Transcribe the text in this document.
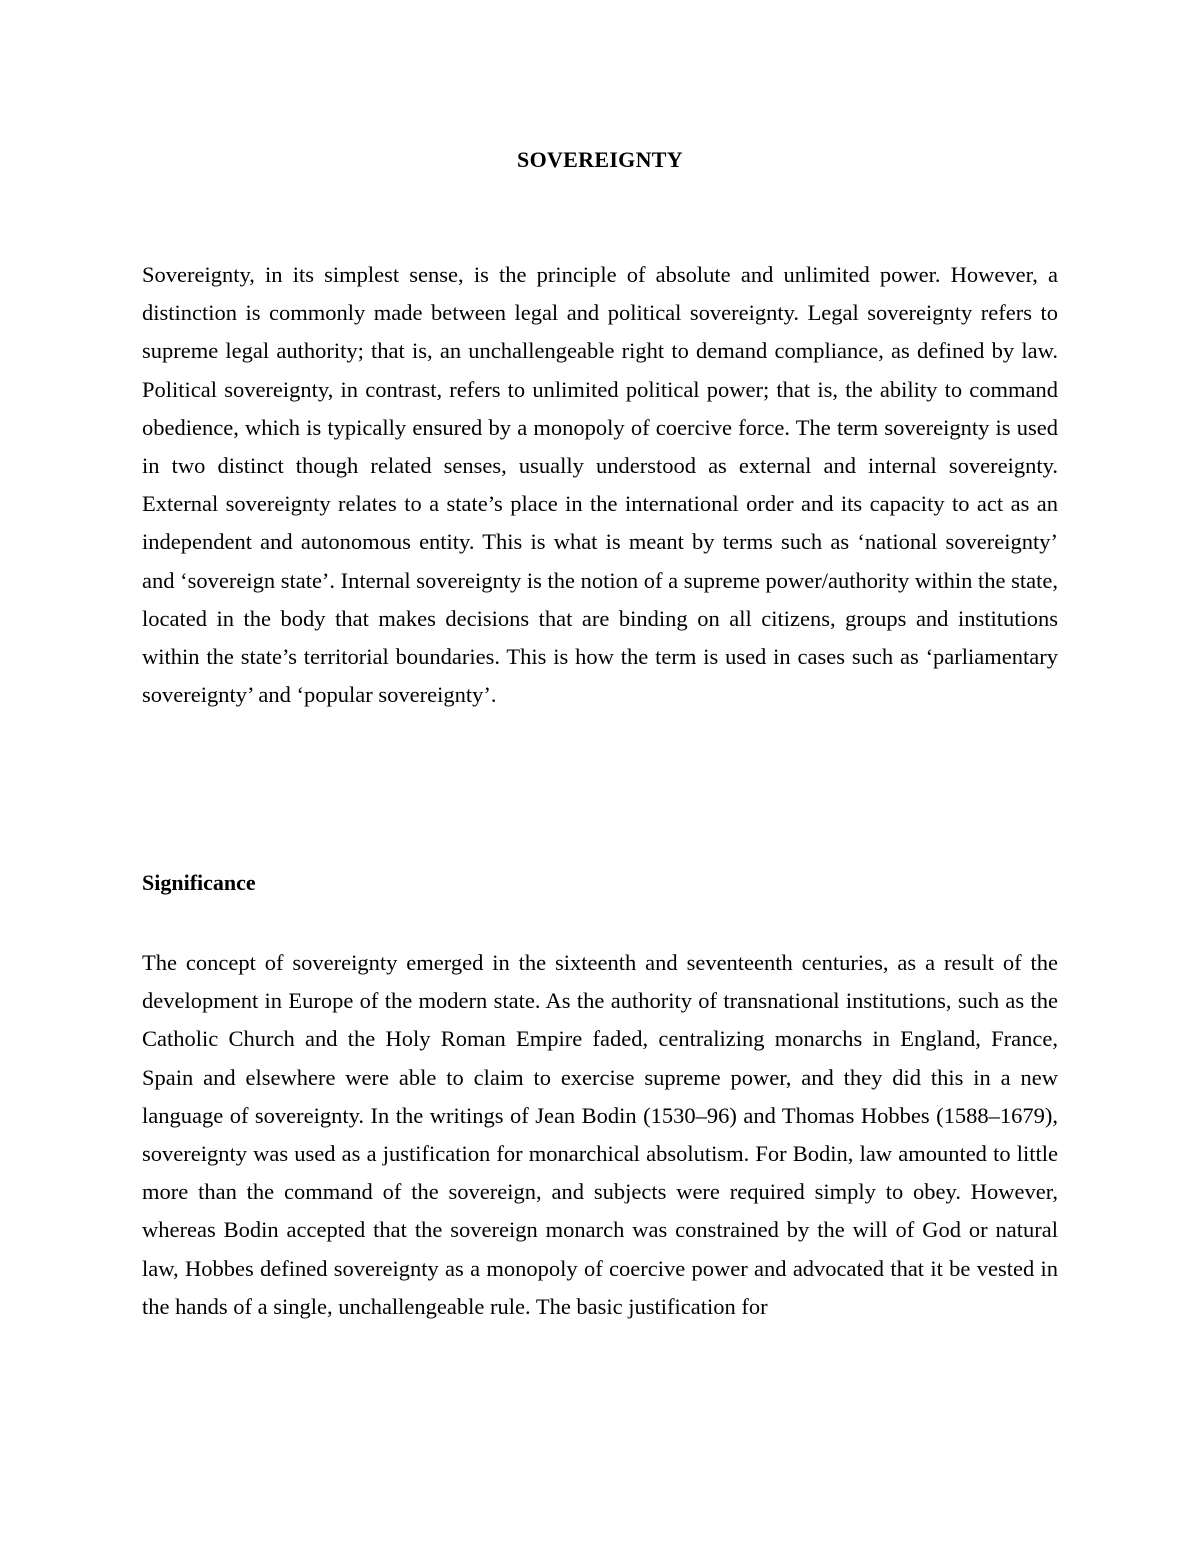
SOVEREIGNTY

Sovereignty, in its simplest sense, is the principle of absolute and unlimited power. However, a distinction is commonly made between legal and political sovereignty. Legal sovereignty refers to supreme legal authority; that is, an unchallengeable right to demand compliance, as defined by law. Political sovereignty, in contrast, refers to unlimited political power; that is, the ability to command obedience, which is typically ensured by a monopoly of coercive force. The term sovereignty is used in two distinct though related senses, usually understood as external and internal sovereignty. External sovereignty relates to a state’s place in the international order and its capacity to act as an independent and autonomous entity. This is what is meant by terms such as ‘national sovereignty’ and ‘sovereign state’. Internal sovereignty is the notion of a supreme power/authority within the state, located in the body that makes decisions that are binding on all citizens, groups and institutions within the state’s territorial boundaries. This is how the term is used in cases such as ‘parliamentary sovereignty’ and ‘popular sovereignty’.

Significance

The concept of sovereignty emerged in the sixteenth and seventeenth centuries, as a result of the development in Europe of the modern state. As the authority of transnational institutions, such as the Catholic Church and the Holy Roman Empire faded, centralizing monarchs in England, France, Spain and elsewhere were able to claim to exercise supreme power, and they did this in a new language of sovereignty. In the writings of Jean Bodin (1530–96) and Thomas Hobbes (1588–1679), sovereignty was used as a justification for monarchical absolutism. For Bodin, law amounted to little more than the command of the sovereign, and subjects were required simply to obey. However, whereas Bodin accepted that the sovereign monarch was constrained by the will of God or natural law, Hobbes defined sovereignty as a monopoly of coercive power and advocated that it be vested in the hands of a single, unchallengeable rule. The basic justification for
